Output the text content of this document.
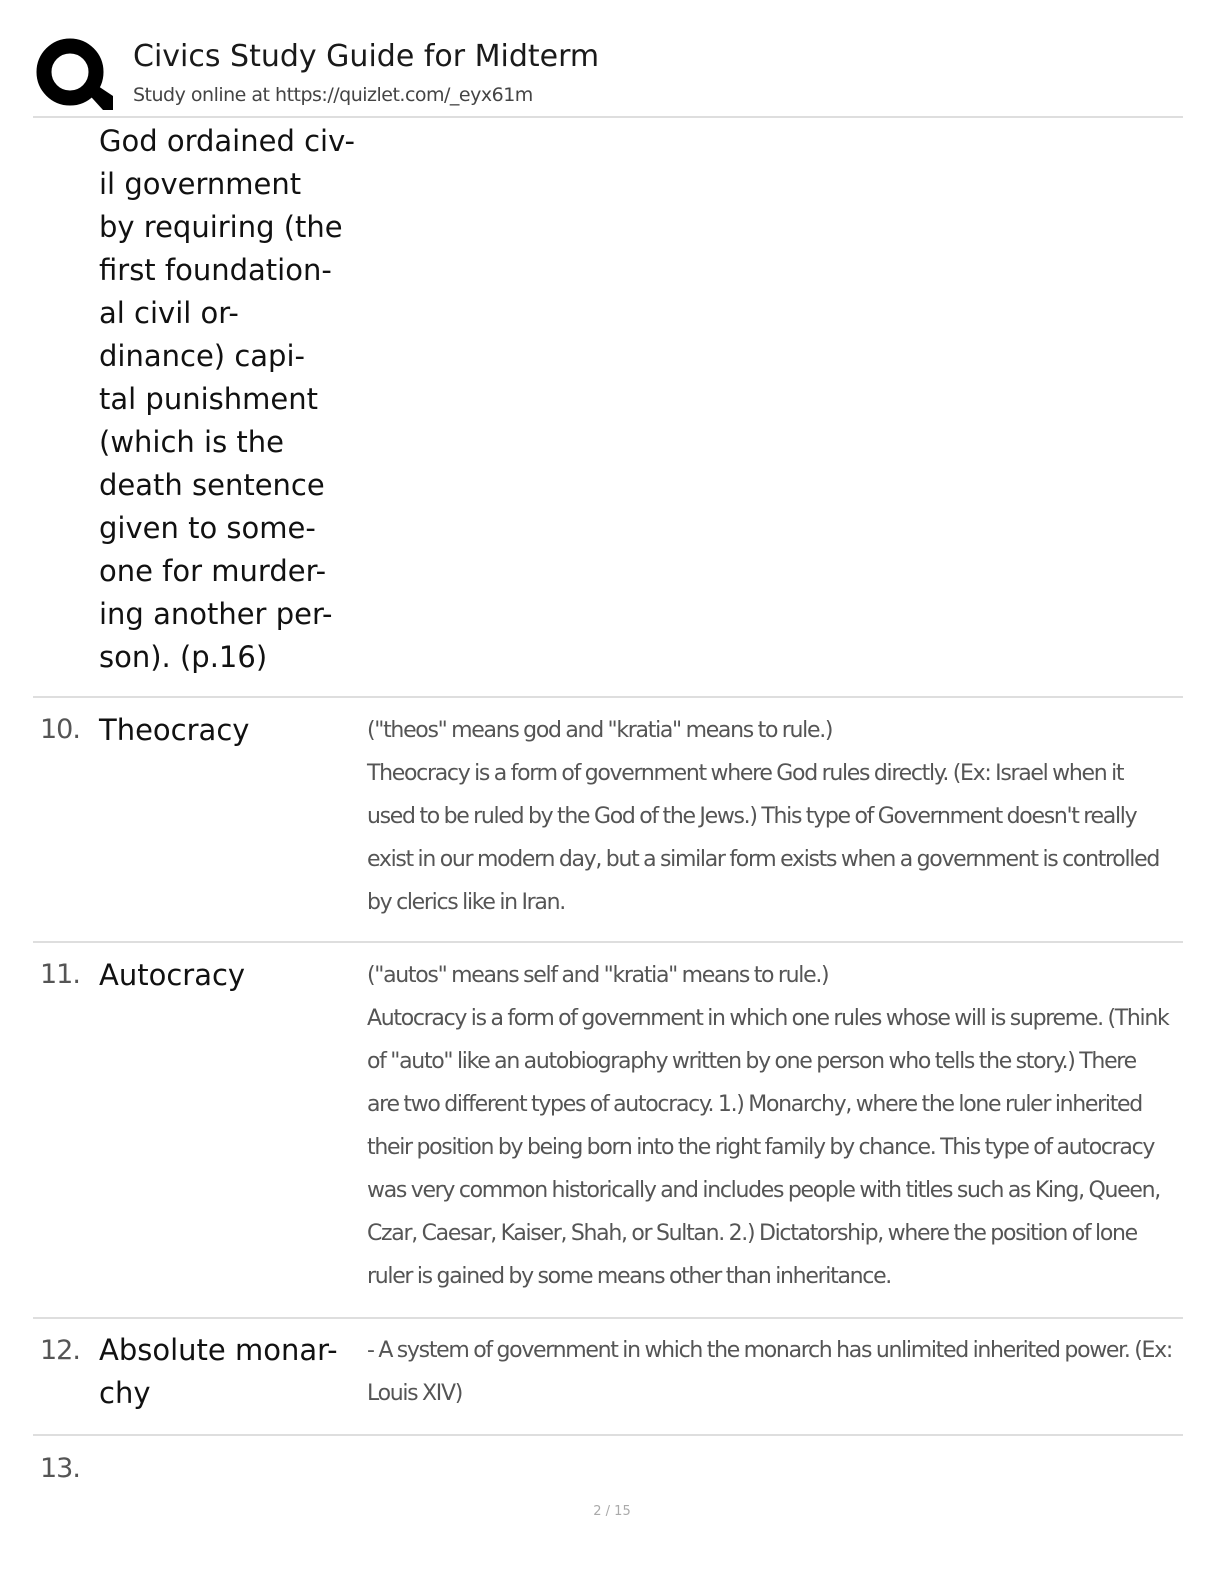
Civics Study Guide for Midterm
Study online at https://quizlet.com/_eyx61m
God ordained civ-
il government
by requiring (the
first foundation-
al civil or-
dinance) capi-
tal punishment
(which is the
death sentence
given to some-
one for murder-
ing another per-
son). (p.16)
10. Theocracy	("theos" means god and "kratia" means to rule.)
Theocracy is a form of government where God rules directly. (Ex: Israel when it
used to be ruled by the God of the Jews.) This type of Government doesn't really
exist in our modern day, but a similar form exists when a government is controlled
by clerics like in Iran.
11. Autocracy	("autos" means self and "kratia" means to rule.)
Autocracy is a form of government in which one rules whose will is supreme. (Think
of "auto" like an autobiography written by one person who tells the story.) There
are two different types of autocracy. 1.) Monarchy, where the lone ruler inherited
their position by being born into the right family by chance. This type of autocracy
was very common historically and includes people with titles such as King, Queen,
Czar, Caesar, Kaiser, Shah, or Sultan. 2.) Dictatorship, where the position of lone
ruler is gained by some means other than inheritance.
12. Absolute monar-
chy
- A system of government in which the monarch has unlimited inherited power. (Ex:
Louis XIV)
13.
2 / 15
